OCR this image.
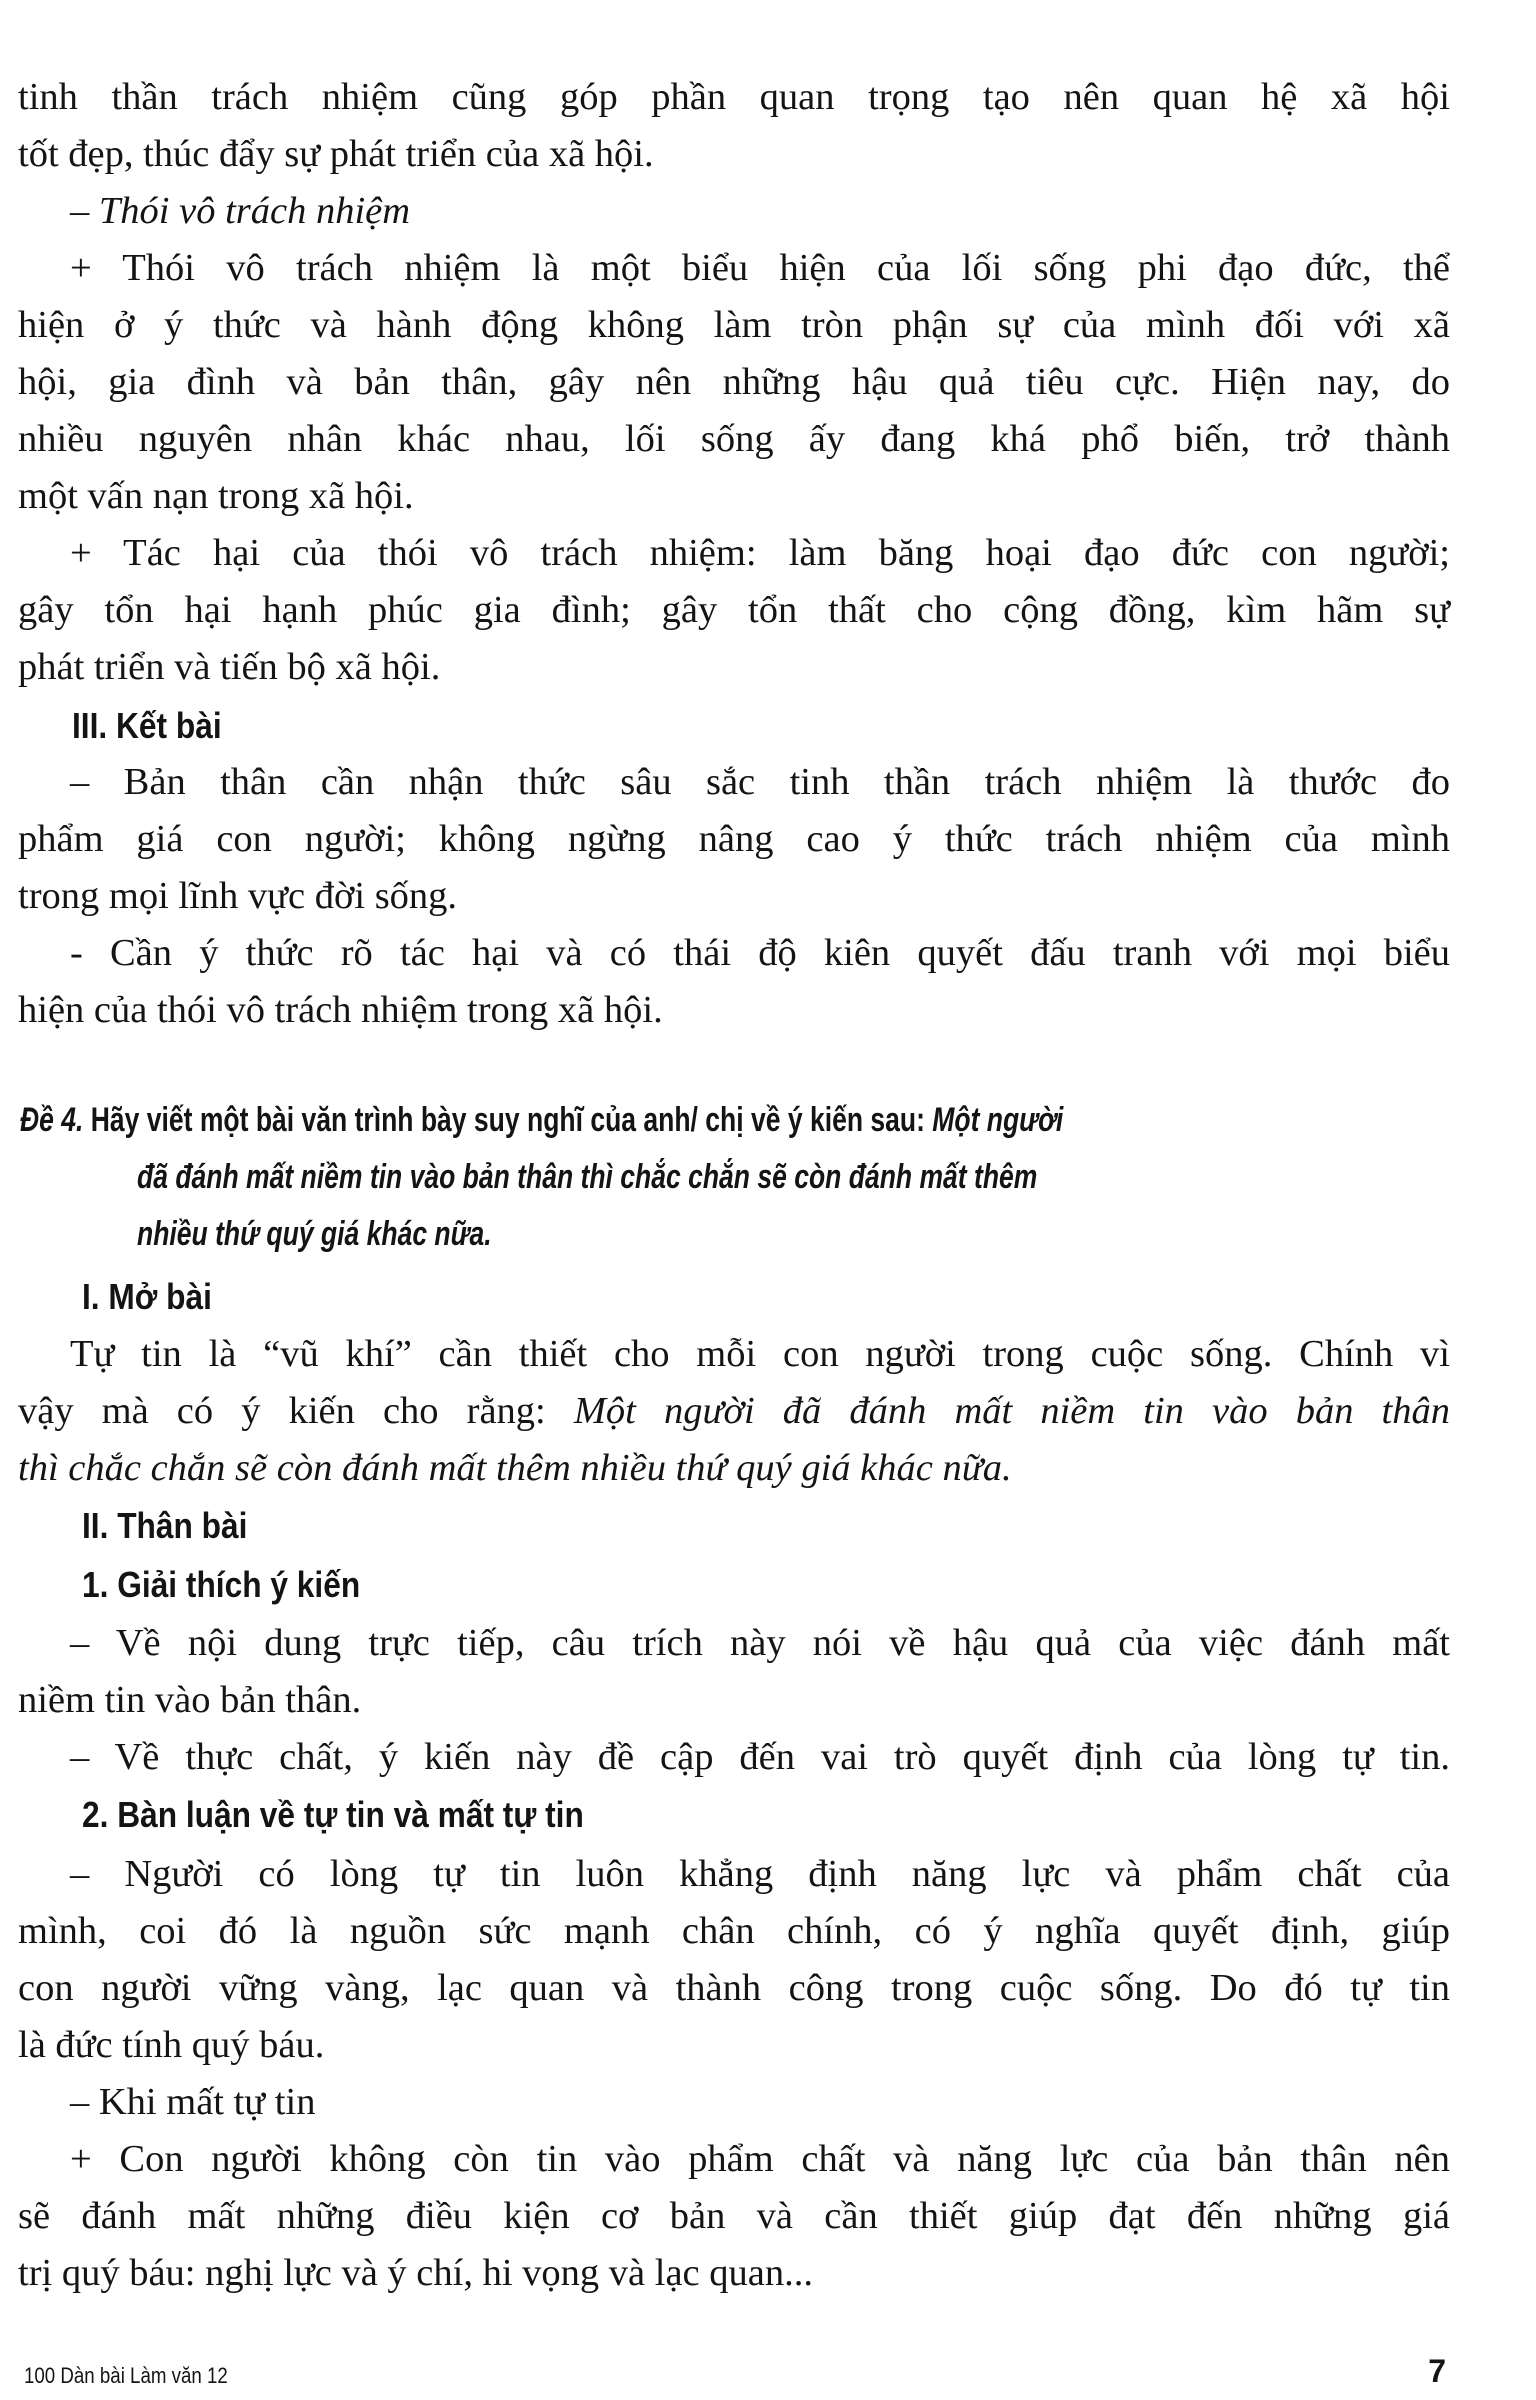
tinh thần trách nhiệm cũng góp phần quan trọng tạo nên quan hệ xã hội
tốt đẹp, thúc đẩy sự phát triển của xã hội.
– Thói vô trách nhiệm
+ Thói vô trách nhiệm là một biểu hiện của lối sống phi đạo đức, thể
hiện ở ý thức và hành động không làm tròn phận sự của mình đối với xã
hội, gia đình và bản thân, gây nên những hậu quả tiêu cực. Hiện nay, do
nhiều nguyên nhân khác nhau, lối sống ấy đang khá phổ biến, trở thành
một vấn nạn trong xã hội.
+ Tác hại của thói vô trách nhiệm: làm băng hoại đạo đức con người;
gây tổn hại hạnh phúc gia đình; gây tổn thất cho cộng đồng, kìm hãm sự
phát triển và tiến bộ xã hội.
III. Kết bài
– Bản thân cần nhận thức sâu sắc tinh thần trách nhiệm là thước đo
phẩm giá con người; không ngừng nâng cao ý thức trách nhiệm của mình
trong mọi lĩnh vực đời sống.
- Cần ý thức rõ tác hại và có thái độ kiên quyết đấu tranh với mọi biểu
hiện của thói vô trách nhiệm trong xã hội.
Đề 4. Hãy viết một bài văn trình bày suy nghĩ của anh/ chị về ý kiến sau: Một người
đã đánh mất niềm tin vào bản thân thì chắc chắn sẽ còn đánh mất thêm
nhiều thứ quý giá khác nữa.
I. Mở bài
Tự tin là “vũ khí” cần thiết cho mỗi con người trong cuộc sống. Chính vì
vậy mà có ý kiến cho rằng: Một người đã đánh mất niềm tin vào bản thân
thì chắc chắn sẽ còn đánh mất thêm nhiều thứ quý giá khác nữa.
II. Thân bài
1. Giải thích ý kiến
– Về nội dung trực tiếp, câu trích này nói về hậu quả của việc đánh mất
niềm tin vào bản thân.
– Về thực chất, ý kiến này đề cập đến vai trò quyết định của lòng tự tin.
2. Bàn luận về tự tin và mất tự tin
– Người có lòng tự tin luôn khẳng định năng lực và phẩm chất của
mình, coi đó là nguồn sức mạnh chân chính, có ý nghĩa quyết định, giúp
con người vững vàng, lạc quan và thành công trong cuộc sống. Do đó tự tin
là đức tính quý báu.
– Khi mất tự tin
+ Con người không còn tin vào phẩm chất và năng lực của bản thân nên
sẽ đánh mất những điều kiện cơ bản và cần thiết giúp đạt đến những giá
trị quý báu: nghị lực và ý chí, hi vọng và lạc quan...
100 Dàn bài Làm văn 12	7
